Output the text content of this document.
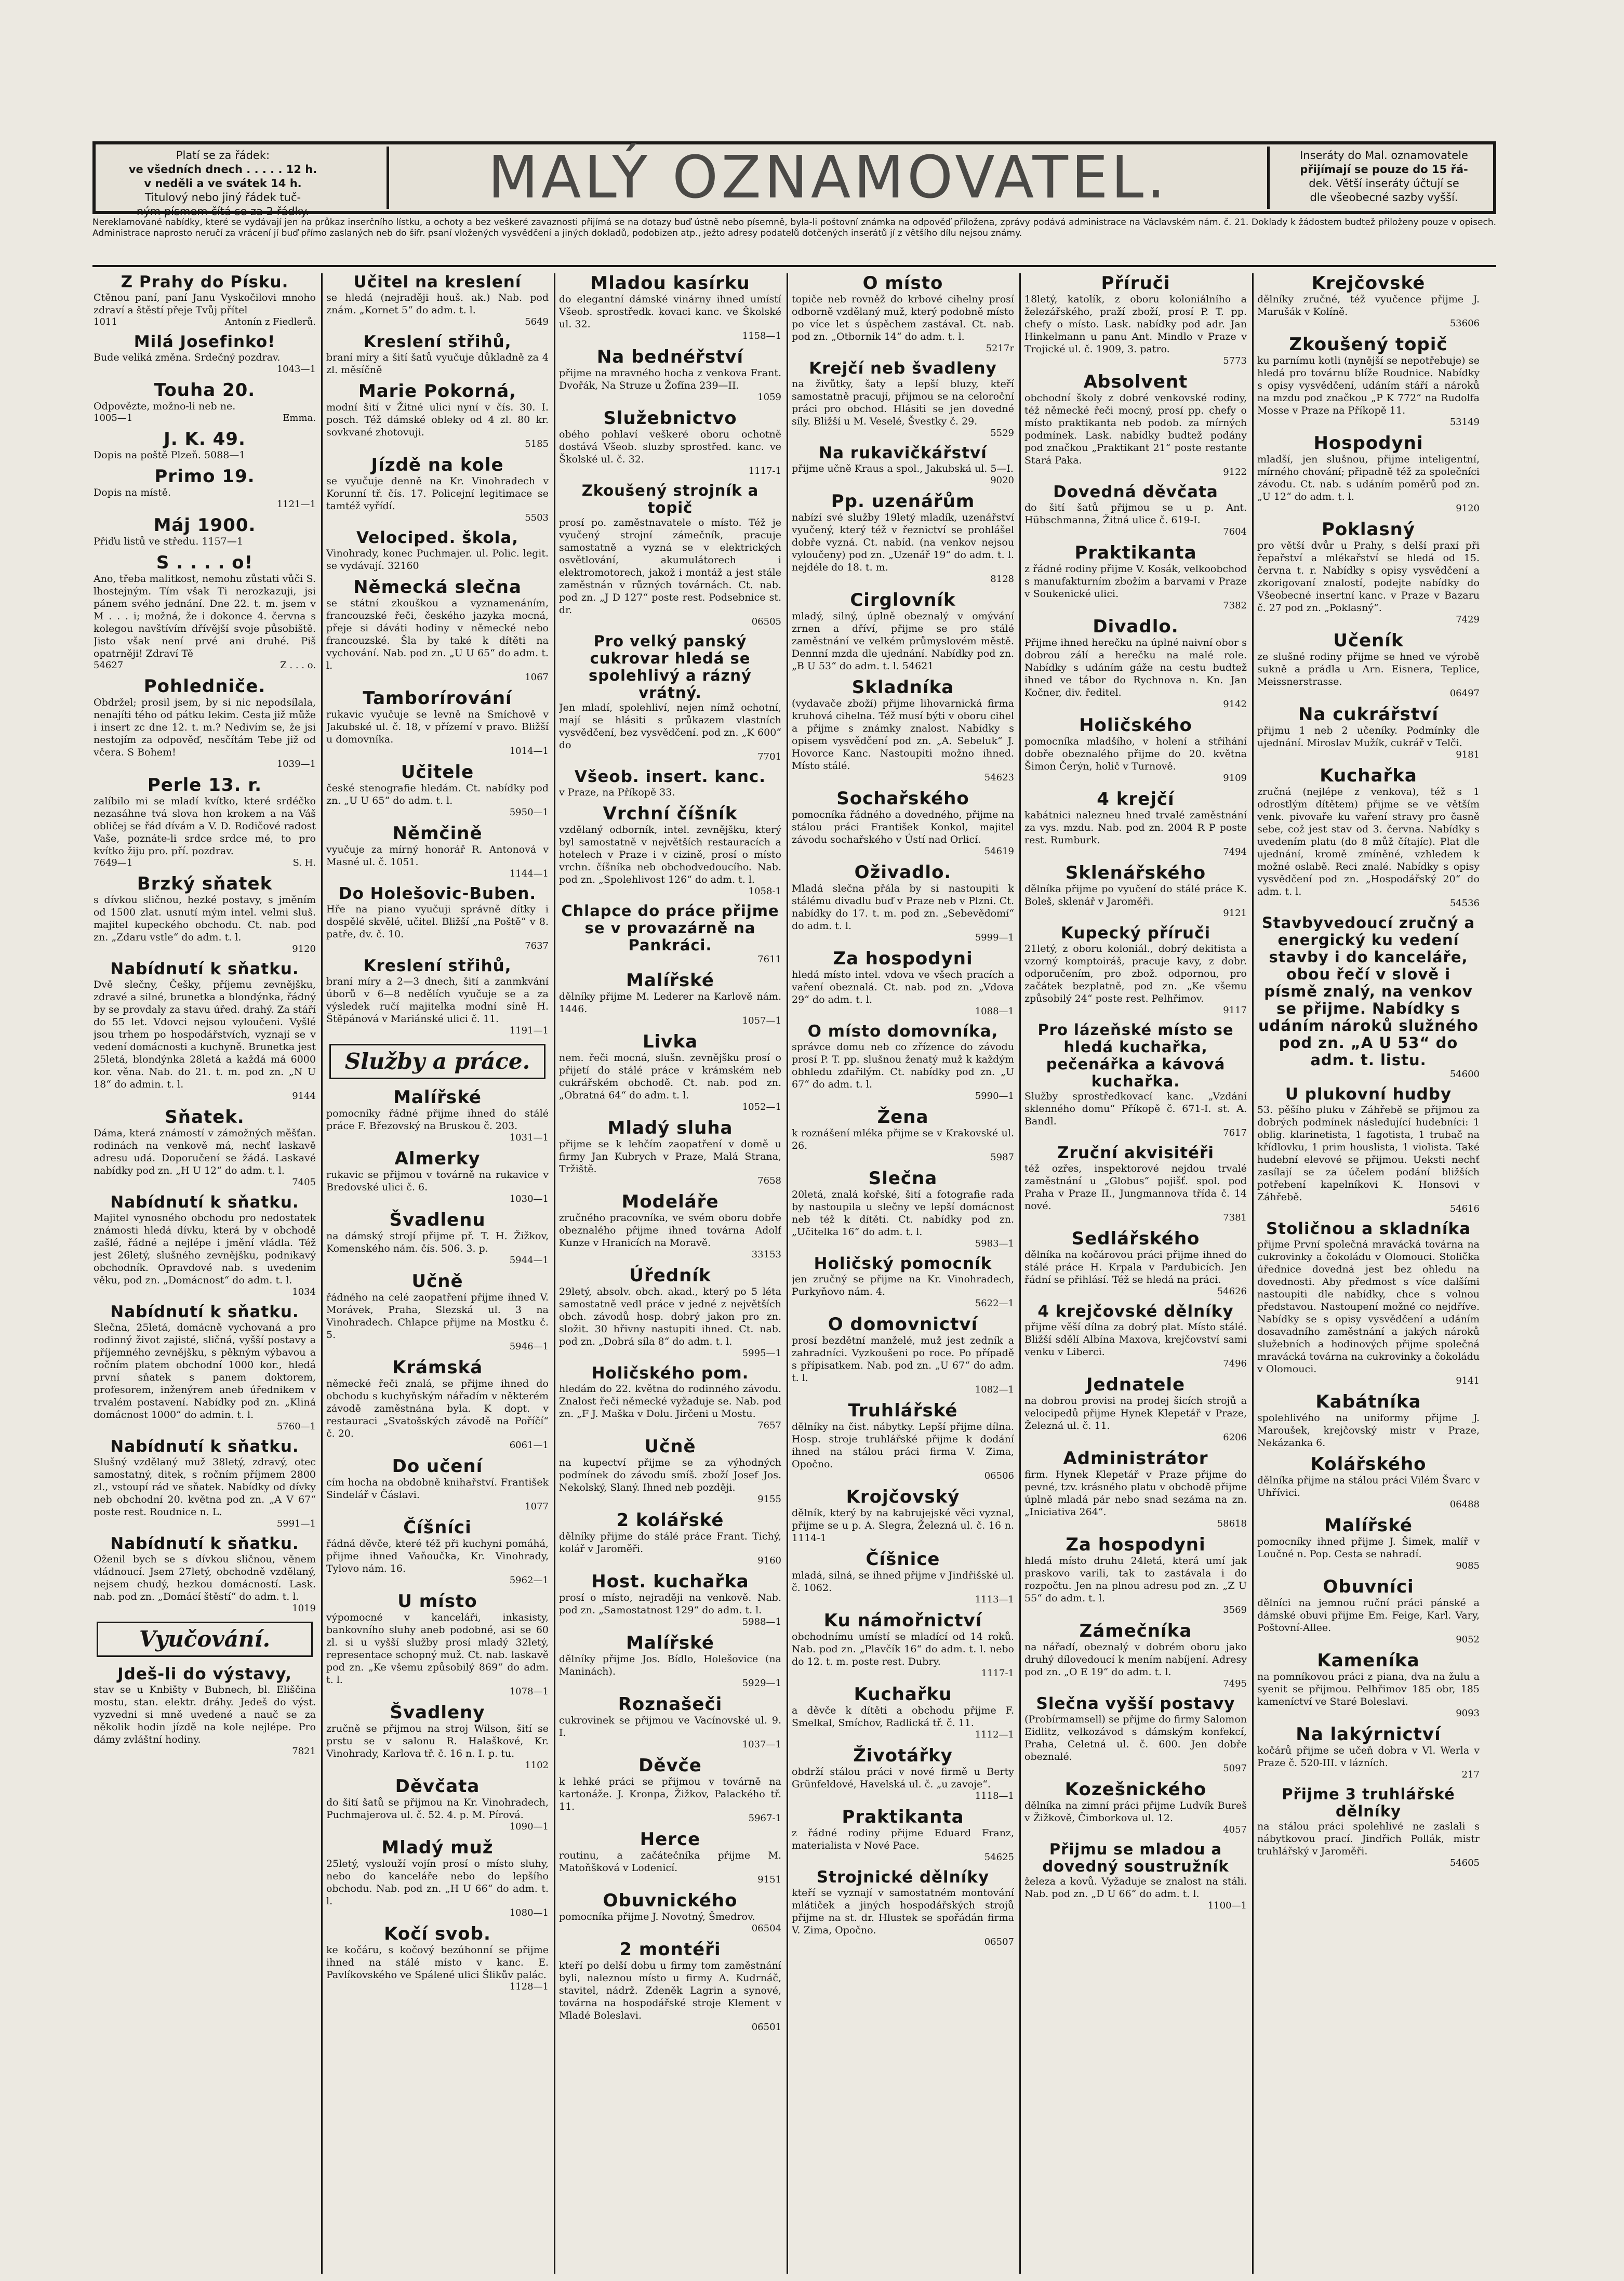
Platí se za řádek:
ve všedních dnech . . . . . 12 h.
v neděli a ve svátek 14 h.
Titulový nebo jiný řádek tuč-
ným písmem čítá se za 2 řádky.	MALÝ OZNAMOVATEL.	Inseráty do Mal. oznamovatele
přijímají se pouze do 15 řá-
dek. Větší inseráty účtují se
dle všeobecné sazby vyšší.
Nereklamované nabídky, které se vydávají jen na průkaz inserčního lístku, a ochoty a bez veškeré zavaznosti přijímá se na dotazy buď ústně nebo písemně, byla-li poštovní známka na odpověď přiložena, zprávy podává administrace na Václavském nám. č. 21. Doklady k žádostem budtež přiloženy pouze v opisech. Administrace naprosto neručí za vrácení jí buď přímo zaslaných neb do šifr. psaní vložených vysvědčení a jiných dokladů, podobizen atp., ježto adresy podatelů dotčených inserátů jí z většího dílu nejsou známy.
Z Prahy do Písku.
Ctěnou paní, paní Janu Vyskočilovi mnoho zdraví a štěstí přeje Tvůj přítel
1011	Antonín z Fiedlerů.
Milá Josefinko!
Bude veliká změna. Srdečný pozdrav.
1043—1
Touha 20.
Odpovězte, možno-li neb ne.
1005—1	Emma.
J. K. 49.
Dopis na poště Plzeň. 5088—1
Primo 19.
Dopis na místě.
1121—1
Máj 1900.
Přiďu listů ve středu. 1157—1
S . . . . o!
Ano, třeba malitkost, nemohu zůstati vůči S. lhostejným. Tím však Ti nerozkazuji, jsi pánem svého jednání. Dne 22. t. m. jsem v M . . . i; možná, že i dokonce 4. června s kolegou navštívím dřívější svoje působiště. Jisto však není prvé ani druhé. Piš opatrněji! Zdraví Tě
54627	Z . . . o.
Pohledniče.
Obdržel; prosil jsem, by si nic nepodsílala, nenajíti tého od pátku lekim. Cesta již může i insert zc dne 12. t. m.? Nedivím se, že jsi nestojím za odpověď, nesčítám Tebe již od včera. S Bohem!
1039—1
Perle 13. r.
zalíbilo mi se mladí kvítko, které srdéčko nezasáhne tvá slova hon krokem a na Váš obličej se řád dívám a V. D. Rodičové radost Vaše, poznáte-li srdce srdce mé, to pro kvítko žiju pro. pří. pozdrav.
7649—1	S. H.
Brzký sňatek
s dívkou sličnou, hezké postavy, s jměním od 1500 zlat. usnutí mým intel. velmi sluš. majitel kupeckého obchodu. Ct. nab. pod zn. „Zdaru vstle“ do adm. t. l.
9120
Nabídnutí k sňatku.
Dvě slečny, Češky, příjemu zevnějšku, zdravé a silné, brunetka a blondýnka, řádný by se provdaly za stavu úřed. drahý. Za stáří do 55 let. Vdovci nejsou vyloučeni. Vyšlé jsou trhem po hospodářstvích, vyznají se v vedení domácnosti a kuchyně. Brunetka jest 25letá, blondýnka 28letá a každá má 6000 kor. věna. Nab. do 21. t. m. pod zn. „N U 18“ do admin. t. l.
9144
Sňatek.
Dáma, která známostí v zámožných měšťan. rodinách na venkově má, nechť laskavě adresu udá. Doporučení se žádá. Laskavé nabídky pod zn. „H U 12“ do adm. t. l.
7405
Nabídnutí k sňatku.
Majitel vynosného obchodu pro nedostatek známosti hledá dívku, která by v obchodě zašlé, řádné a nejlépe i jmění vládla. Též jest 26letý, slušného zevnějšku, podnikavý obchodník. Opravdové nab. s uvedenim věku, pod zn. „Domácnost“ do adm. t. l.
1034
Nabídnutí k sňatku.
Slečna, 25letá, domácně vychovaná a pro rodinný život zajisté, sličná, vyšší postavy a příjemného zevnějšku, s pěkným výbavou a ročním platem obchodní 1000 kor., hledá první sňatek s panem doktorem, profesorem, inženýrem aneb úřednikem v trvalém postavení. Nabídky pod zn. „Kliná domácnost 1000“ do admin. t. l.
5760—1
Nabídnutí k sňatku.
Slušný vzdělaný muž 38letý, zdravý, otec samostatný, ditek, s ročním příjmem 2800 zl., vstoupí rád ve sňatek. Nabídky od dívky neb obchodní 20. května pod zn. „A V 67“ poste rest. Roudnice n. L.
5991—1
Nabídnutí k sňatku.
Oženil bych se s dívkou sličnou, věnem vládnoucí. Jsem 27letý, obchodně vzdělaný, nejsem chudý, hezkou domácností. Lask. nab. pod zn. „Domácí štěstí“ do adm. t. l.
1019
Vyučování.
Jdeš-li do výstavy,
stav se u Knbišty v Bubnech, bl. Eliščina mostu, stan. elektr. dráhy. Jedeš do výst. vyzvedni si mně uvedené a nauč se za několik hodin jízdě na kole nejlépe. Pro dámy zvláštní hodiny.
7821
Učitel na kreslení
se hledá (nejraději houš. ak.) Nab. pod znám. „Kornet 5“ do adm. t. l.
5649
Kreslení střihů,
braní míry a šití šatů vyučuje důkladně za 4 zl. měsíčně
Marie Pokorná,
modní šití v Žitné ulici nyní v čís. 30. I. posch. Též dámské obleky od 4 zl. 80 kr. sovkvané zhotovuji.
5185
Jízdě na kole
se vyučuje denně na Kr. Vinohradech v Korunní tř. čís. 17. Policejní legitimace se tamtéž vyřídí.
5503
Velociped. škola,
Vinohrady, konec Puchmajer. ul. Polic. legit. se vydávají. 32160
Německá slečna
se státní zkouškou a vyznamenáním, francouzské řeči, českého jazyka mocná, přeje si dáváti hodiny v německé nebo francouzské. Šla by také k dítěti na vychování. Nab. pod zn. „U U 65“ do adm. t. l.
1067
Tamborírování
rukavic vyučuje se levně na Smíchově v Jakubské ul. č. 18, v přízemí v pravo. Bližší u domovníka.
1014—1
Učitele
české stenografie hledám. Ct. nabídky pod zn. „U U 65“ do adm. t. l.
5950—1
Němčině
vyučuje za mírný honorář R. Antonová v Masné ul. č. 1051.
1144—1
Do Holešovic-Buben.
Hře na piano vyučuji správně dítky i dospělé skvělé, učitel. Bližší „na Poště“ v 8. patře, dv. č. 10.
7637
Kreslení střihů,
braní míry a 2—3 dnech, šití a zanmkvání úborů v 6—8 nedělích vyučuje se a za výsledek ručí majitelka modní síně H. Štěpánová v Mariánské ulici č. 11.
1191—1
Služby a práce.
Malířské
pomocníky řádné přijme ihned do stálé práce F. Březovský na Bruskou č. 203.
1031—1
Almerky
rukavic se přijmou v továrně na rukavice v Bredovské ulici č. 6.
1030—1
Švadlenu
na dámský strojí přijme př. T. H. Žižkov, Komenského nám. čís. 506. 3. p.
5944—1
Učně
řádného na celé zaopatření přijme ihned V. Morávek, Praha, Slezská ul. 3 na Vinohradech. Chlapce přijme na Mostku č. 5.
5946—1
Krámská
německé řeči znalá, se přijme ihned do obchodu s kuchyňským nářadím v některém závodě zaměstnána byla. K dopt. v restauraci „Svatošských závodě na Poříčí“ č. 20.
6061—1
Do učení
cím hocha na obdobně knihařství. František Sindelář v Čáslavi.
1077
Číšníci
řádná děvče, které též při kuchyni pomáhá, přijme ihned Vaňoučka, Kr. Vinohrady, Tylovo nám. 16.
5962—1
U místo
výpomocné v kanceláři, inkasisty, bankovního sluhy aneb podobné, asi se 60 zl. si u vyšší služby prosí mladý 32letý, representace schopný muž. Ct. nab. laskavě pod zn. „Ke všemu způsobilý 869“ do adm. t. l.
1078—1
Švadleny
zručně se přijmou na stroj Wilson, šití se prstu se v salonu R. Halaškové, Kr. Vinohrady, Karlova tř. č. 16 n. I. p. tu.
1102
Děvčata
do šití šatů se přijmou na Kr. Vinohradech, Puchmajerova ul. č. 52. 4. p. M. Pírová.
1090—1
Mladý muž
25letý, vyslouží vojín prosí o místo sluhy, nebo do kanceláře nebo do lepšího obchodu. Nab. pod zn. „H U 66“ do adm. t. l.
1080—1
Kočí svob.
ke kočáru, s kočový bezúhonní se přijme ihned na stálé místo v kanc. E. Pavlíkovského ve Spálené ulici Šlikův palác.
1128—1
Mladou kasírku
do elegantní dámské vinárny ihned umístí Všeob. sprostředk. kovaci kanc. ve Školské ul. 32.
1158—1
Na bednéřství
přijme na mravného hocha z venkova Frant. Dvořák, Na Struze u Žofína 239—II.
1059
Služebnictvo
obého pohlaví veškeré oboru ochotně dostává Všeob. sluzby sprostřed. kanc. ve Školské ul. č. 32.
1117-1
Zkoušený strojník a topič
prosí po. zaměstnavatele o místo. Též je vyučený strojní zámečník, pracuje samostatně a vyzná se v elektrických osvětlování, akumulátorech i elektromotorech, jakož i montáž a jest stále zaměstnán v různých továrnách. Ct. nab. pod zn. „J D 127“ poste rest. Podsebnice st. dr.
06505
Pro velký panský cukrovar hledá se spolehlivý a rázný vrátný.
Jen mladí, spolehliví, nejen nímž ochotní, mají se hlásiti s průkazem vlastních vysvědčení, bez vysvědčení. pod zn. „K 600“ do
7701
Všeob. insert. kanc.
v Praze, na Příkopě 33.
Vrchní číšník
vzdělaný odborník, intel. zevnějšku, který byl samostatně v největších restauracích a hotelech v Praze i v cizině, prosí o místo vrchn. číšníka neb obchodvedoucího. Nab. pod zn. „Spolehlivost 126“ do adm. t. l.
1058-1
Chlapce do práce přijme se v provazárně na Pankráci.
7611
Malířské
dělníky přijme M. Lederer na Karlově nám. 1446.
1057—1
Livka
nem. řeči mocná, slušn. zevnějšku prosí o přijetí do stálé práce v krámském neb cukrářském obchodě. Ct. nab. pod zn. „Obratná 64“ do adm. t. l.
1052—1
Mladý sluha
přijme se k lehčím zaopatření v domě u firmy Jan Kubrych v Praze, Malá Strana, Tržiště.
7658
Modeláře
zručného pracovníka, ve svém oboru dobře obeznalého přijme ihned továrna Adolf Kunze v Hranicích na Moravě.
33153
Úředník
29letý, absolv. obch. akad., který po 5 léta samostatně vedl práce v jedné z největších obch. závodů hosp. dobrý jakon pro zn. složit. 30 hřivny nastupiti ihned. Ct. nab. pod zn. „Dobrá síla 8“ do adm. t. l.
5995—1
Holičského pom.
hledám do 22. května do rodinného závodu. Znalost řeči německé vyžaduje se. Nab. pod zn. „F J. Maška v Dolu. Jirčeni u Mostu.
7657
Učně
na kupectví přijme se za výhodných podmínek do závodu smíš. zboží Josef Jos. Nekolský, Slaný. Ihned neb později.
9155
2 kolářské
dělníky přijme do stálé práce Frant. Tichý, kolář v Jaroměři.
9160
Host. kuchařka
prosí o místo, nejraději na venkově. Nab. pod zn. „Samostatnost 129“ do adm. t. l.
5988—1
Malířské
dělníky přijme Jos. Bídlo, Holešovice (na Maninách).
5929—1
Roznašeči
cukrovinek se přijmou ve Vacínovské ul. 9. I.
1037—1
Děvče
k lehké práci se přijmou v továrně na kartonáže. J. Kronpa, Žižkov, Palackého tř. 11.
5967-1
Herce
routinu, a začátečníka přijme M. Matoňšková v Lodenicí.
9151
Obuvnického
pomocníka přijme J. Novotný, Šmedrov.
06504
2 montéři
kteří po delší dobu u firmy tom zaměstnání byli, naleznou místo u firmy A. Kudrnáč, stavitel, nádrž. Zdeněk Lagrin a synové, továrna na hospodářské stroje Klement v Mladé Boleslavi.
06501
O místo
topiče neb rovněž do krbové cihelny prosí odborně vzdělaný muž, který podobně místo po více let s úspěchem zastával. Ct. nab. pod zn. „Otbornik 14“ do adm. t. l.
5217r
Krejčí neb švadleny
na živůtky, šaty a lepší bluzy, kteří samostatně pracují, přijmou se na celoroční práci pro obchod. Hlásiti se jen dovedné síly. Bližší u M. Veselé, Švestky č. 29.
5529
Na rukavičkářství
přijme učně Kraus a spol., Jakubská ul. 5—I.
9020
Pp. uzenářům
nabízí své služby 19letý mladík, uzenářství vyučený, který též v řeznictví se prohlášel dobře vyzná. Ct. nabíd. (na venkov nejsou vyloučeny) pod zn. „Uzenář 19“ do adm. t. l. nejdéle do 18. t. m.
8128
Cirglovník
mladý, silný, úplně obeznalý v omývání zrnen a dříví, přijme se pro stálé zaměstnání ve velkém průmyslovém městě. Dennní mzda dle ujednání. Nabídky pod zn. „B U 53“ do adm. t. l. 54621
Skladníka
(vydavače zboží) přijme lihovarnická firma kruhová cihelna. Též musí býti v oboru cihel a přijme s známky znalost. Nabídky s opisem vysvědčení pod zn. „A. Sebeluk“ J. Hovorce Kanc. Nastoupiti možno ihned. Místo stálé.
54623
Sochařského
pomocníka řádného a dovedného, přijme na stálou práci František Konkol, majitel závodu sochařského v Ústí nad Orlicí.
54619
Oživadlo.
Mladá slečna přála by si nastoupiti k stálému divadlu buď v Praze neb v Plzni. Ct. nabídky do 17. t. m. pod zn. „Sebevědomí“ do adm. t. l.
5999—1
Za hospodyni
hledá místo intel. vdova ve všech pracích a vaření obeznalá. Ct. nab. pod zn. „Vdova 29“ do adm. t. l.
1088—1
O místo domovníka,
správce domu neb co zřízence do závodu prosí P. T. pp. slušnou ženatý muž k každým obhledu zdařilým. Ct. nabídky pod zn. „U 67“ do adm. t. l.
5990—1
Žena
k roznášení mléka přijme se v Krakovské ul. 26.
5987
Slečna
20letá, znalá kořské, šití a fotografie rada by nastoupila u slečny ve lepší domácnost neb též k dítěti. Ct. nabídky pod zn. „Učitelka 16“ do adm. t. l.
5983—1
Holičský pomocník
jen zručný se přijme na Kr. Vinohradech, Purkyňovo nám. 4.
5622—1
O domovnictví
prosí bezdětní manželé, muž jest zedník a zahradníci. Vyzkoušeni po roce. Po případě s přípisatkem. Nab. pod zn. „U 67“ do adm. t. l.
1082—1
Truhlářské
dělníky na čist. nábytky. Lepší přijme dílna. Hosp. stroje truhlářské přijme k dodání ihned na stálou práci firma V. Zima, Opočno.
06506
Krojčovský
dělník, který by na kabrujejské věci vyznal, přijme se u p. A. Slegra, Železná ul. č. 16 n. 1114-1
Číšnice
mladá, silná, se ihned přijme v Jindřišské ul. č. 1062.
1113—1
Ku námořnictví
obchodnímu umístí se mladící od 14 roků. Nab. pod zn. „Plavčík 16“ do adm. t. l. nebo do 12. t. m. poste rest. Dubry.
1117-1
Kuchařku
a děvče k dítěti a obchodu přijme F. Smelkal, Smíchov, Radlická tř. č. 11.
1112—1
Životářky
obdrží stálou práci v nové firmě u Berty Grünfeldové, Havelská ul. č. „u zavoje“.
1118—1
Praktikanta
z řádné rodiny přijme Eduard Franz, materialista v Nové Pace.
54625
Strojnické dělníky
kteří se vyznají v samostatném montování mlátiček a jiných hospodářských strojů přijme na st. dr. Hlustek se spořádán firma V. Zima, Opočno.
06507
Příruči
18letý, katolík, z oboru koloniálního a železářského, praží zboží, prosí P. T. pp. chefy o místo. Lask. nabídky pod adr. Jan Hinkelmann u panu Ant. Mindlo v Praze v Trojické ul. č. 1909, 3. patro.
5773
Absolvent
obchodní školy z dobré venkovské rodiny, též německé řeči mocný, prosí pp. chefy o místo praktikanta neb podob. za mírných podmínek. Lask. nabídky budtež podány pod značkou „Praktikant 21“ poste restante Stará Paka.
9122
Dovedná děvčata
do šití šatů přijmou se u p. Ant. Hübschmanna, Žitná ulice č. 619-I.
7604
Praktikanta
z řádné rodiny přijme V. Kosák, velkoobchod s manufakturním zbožím a barvami v Praze v Soukenické ulici.
7382
Divadlo.
Přijme ihned herečku na úplné naivní obor s dobrou zálí a herečku na malé role. Nabídky s udáním gáže na cestu budtež ihned ve tábor do Rychnova n. Kn. Jan Kočner, div. ředitel.
9142
Holičského
pomocníka mladšího, v holení a střihání dobře obeznalého přijme do 20. května Šimon Čerýn, holič v Turnově.
9109
4 krejčí
kabátnici nalezneu hned trvalé zaměstnání za vys. mzdu. Nab. pod zn. 2004 R P poste rest. Rumburk.
7494
Sklenářského
dělníka přijme po vyučení do stálé práce K. Boleš, sklenář v Jaroměři.
9121
Kupecký příruči
21letý, z oboru koloniál., dobrý dekitista a vzorný komptoiráš, pracuje kavy, z dobr. odporučením, pro zbož. odpornou, pro začátek bezplatně, pod zn. „Ke všemu způsobilý 24“ poste rest. Pelhřimov.
9117
Pro lázeňské místo se hledá kuchařka, pečenářka a kávová kuchařka.
Služby sprostředkovací kanc. „Vzdání sklenného domu“ Příkopě č. 671-I. st. A. Bandl.
7617
Zruční akvisitéři
též ozřes, inspektorové nejdou trvalé zaměstnání u „Globus“ pojišť. spol. pod Praha v Praze II., Jungmannova třída č. 14 nové.
7381
Sedlářského
dělníka na kočárovou práci přijme ihned do stálé práce H. Krpala v Pardubicích. Jen řádní se přihlásí. Též se hledá na práci.
54626
4 krejčovské dělníky
přijme věší dílna za dobrý plat. Místo stálé. Bližší sdělí Albína Maxova, krejčovství sami venku v Liberci.
7496
Jednatele
na dobrou provisi na prodej šicích strojů a velocipedů přijme Hynek Klepetář v Praze, Železná ul. č. 11.
6206
Administrátor
firm. Hynek Klepetář v Praze přijme do pevné, tzv. krásného platu v obchodě přijme úplně mladá pár nebo snad sezáma na zn. „Iniciativa 264“.
58618
Za hospodyni
hledá místo druhu 24letá, která umí jak praskovo varili, tak to zastávala i do rozpočtu. Jen na plnou adresu pod zn. „Z U 55“ do adm. t. l.
3569
Zámečníka
na nářadí, obeznalý v dobrém oboru jako druhý dílovedoucí k mením nabíjení. Adresy pod zn. „O E 19“ do adm. t. l.
7495
Slečna vyšší postavy
(Probírmamsell) se přijme do firmy Salomon Eidlitz, velkozávod s dámským konfekcí, Praha, Celetná ul. č. 600. Jen dobře obeznalé.
5097
Kozešnického
dělníka na zimní práci přijme Ludvík Bureš v Žižkově, Čimborkova ul. 12.
4057
Přijmu se mladou a dovedný soustružník
železa a kovů. Vyžaduje se znalost na stáli. Nab. pod zn. „D U 66“ do adm. t. l.
1100—1
Krejčovské
dělníky zručné, též vyučence přijme J. Marušák v Kolíně.
53606
Zkoušený topič
ku parnímu kotli (nynější se nepotřebuje) se hledá pro továrnu blíže Roudnice. Nabídky s opisy vysvědčení, udáním stáří a nároků na mzdu pod značkou „P K 772“ na Rudolfa Mosse v Praze na Příkopě 11.
53149
Hospodyni
mladší, jen slušnou, přijme inteligentní, mírného chování; připadně též za společníci závodu. Ct. nab. s udáním poměrů pod zn. „U 12“ do adm. t. l.
9120
Poklasný
pro větší dvůr u Prahy, s delší praxí při řepařství a mlékařství se hledá od 15. června t. r. Nabídky s opisy vysvědčení a zkorigovaní znalostí, podejte nabídky do Všeobecné insertní kanc. v Praze v Bazaru č. 27 pod zn. „Poklasný“.
7429
Učeník
ze slušné rodiny přijme se hned ve výrobě sukně a prádla u Arn. Eisnera, Teplice, Meissnerstrasse.
06497
Na cukrářství
přijmu 1 neb 2 učeníky. Podmínky dle ujednání. Miroslav Mužík, cukrář v Telči.
9181
Kuchařka
zručná (nejlépe z venkova), též s 1 odrostlým dítětem) přijme se ve větším venk. pivovaře ku vaření stravy pro časně sebe, což jest stav od 3. června. Nabídky s uvedením platu (do 8 můž čítajíc). Plat dle ujednání, kromě zmíněné, vzhledem k možné oslabě. Reci znalé. Nabídky s opisy vysvědčení pod zn. „Hospodářský 20“ do adm. t. l.
54536
Stavbyvedoucí zručný a energický ku vedení stavby i do kanceláře, obou řečí v slově i písmě znalý, na venkov se přijme. Nabídky s udáním nároků služného pod zn. „A U 53“ do adm. t. listu.
54600
U plukovní hudby
53. pěšího pluku v Záhřebě se přijmou za dobrých podmínek následující hudebníci: 1 oblig. klarinetista, 1 fagotista, 1 trubač na křídlovku, 1 prim houslista, 1 violista. Také hudební elevové se přijmou. Ueksti nechť zasílají se za účelem podání bližších potřebení kapelníkovi K. Honsovi v Záhřebě.
54616
Stoličnou a skladníka
přijme První společná mravácká továrna na cukrovinky a čokoládu v Olomouci. Stolička úřednice dovedná jest bez ohledu na dovednosti. Aby předmost s více dalšími nastoupiti dle nabídky, chce s volnou představou. Nastoupení možné co nejdříve. Nabídky se s opisy vysvědčení a udáním dosavadního zaměstnání a jakých nároků služebních a hodinových přijme společná mravácká továrna na cukrovinky a čokoládu v Olomouci.
9141
Kabátníka
spolehlivého na uniformy přijme J. Maroušek, krejčovský mistr v Praze, Nekázanka 6.
Kolářského
dělníka přijme na stálou práci Vilém Švarc v Uhřívici.
06488
Malířské
pomocníky ihned přijme J. Šimek, malíř v Loučné n. Pop. Cesta se nahradí.
9085
Obuvníci
dělníci na jemnou ruční práci pánské a dámské obuvi přijme Em. Feige, Karl. Vary, Poštovní-Allee.
9052
Kameníka
na pomníkovou práci z piana, dva na žulu a syenit se přijmou. Pelhřimov 185 obr, 185 kameníctví ve Staré Boleslavi.
9093
Na lakýrnictví
kočárů přijme se učeň dobra v Vl. Werla v Praze č. 520-III. v lázních.
217
Přijme 3 truhlářské dělníky
na stálou práci spolehlivé ne zaslali s nábytkovou prací. Jindřich Pollák, mistr truhlářský v Jaroměři.
54605
